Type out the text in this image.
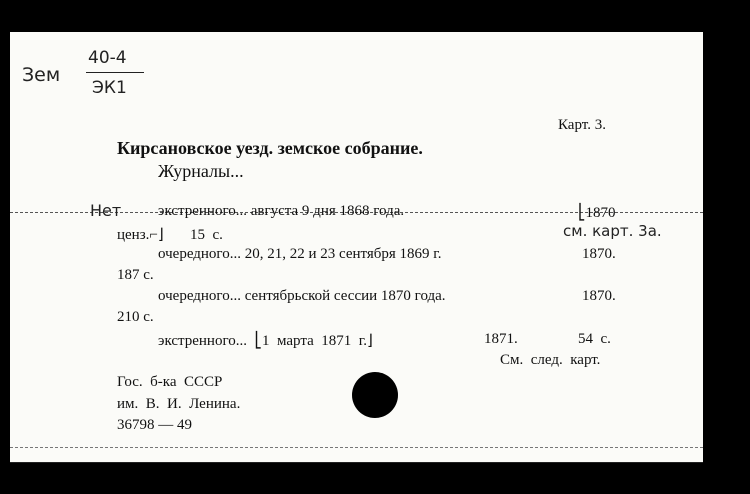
Зем
40-4
ЭК1
Карт. 3.
Кирсановское уезд. земское собрание.
Журналы...
Нет экстренного... августа 9 дня 1868 года.	⎣1870
ценз.⌐⌋       15  с.	см. карт. 3а.
очередного... 20, 21, 22 и 23 сентября 1869 г.	1870.
187 с.
очередного... сентябрьской сессии 1870 года.	1870.
210 с.
экстренного...  ⎣1  марта  1871  г.⌋	1871.	54  с.
См.  след.  карт.
Гос.  б-ка  СССР
им.  В.  И.  Ленина.
36798 — 49
